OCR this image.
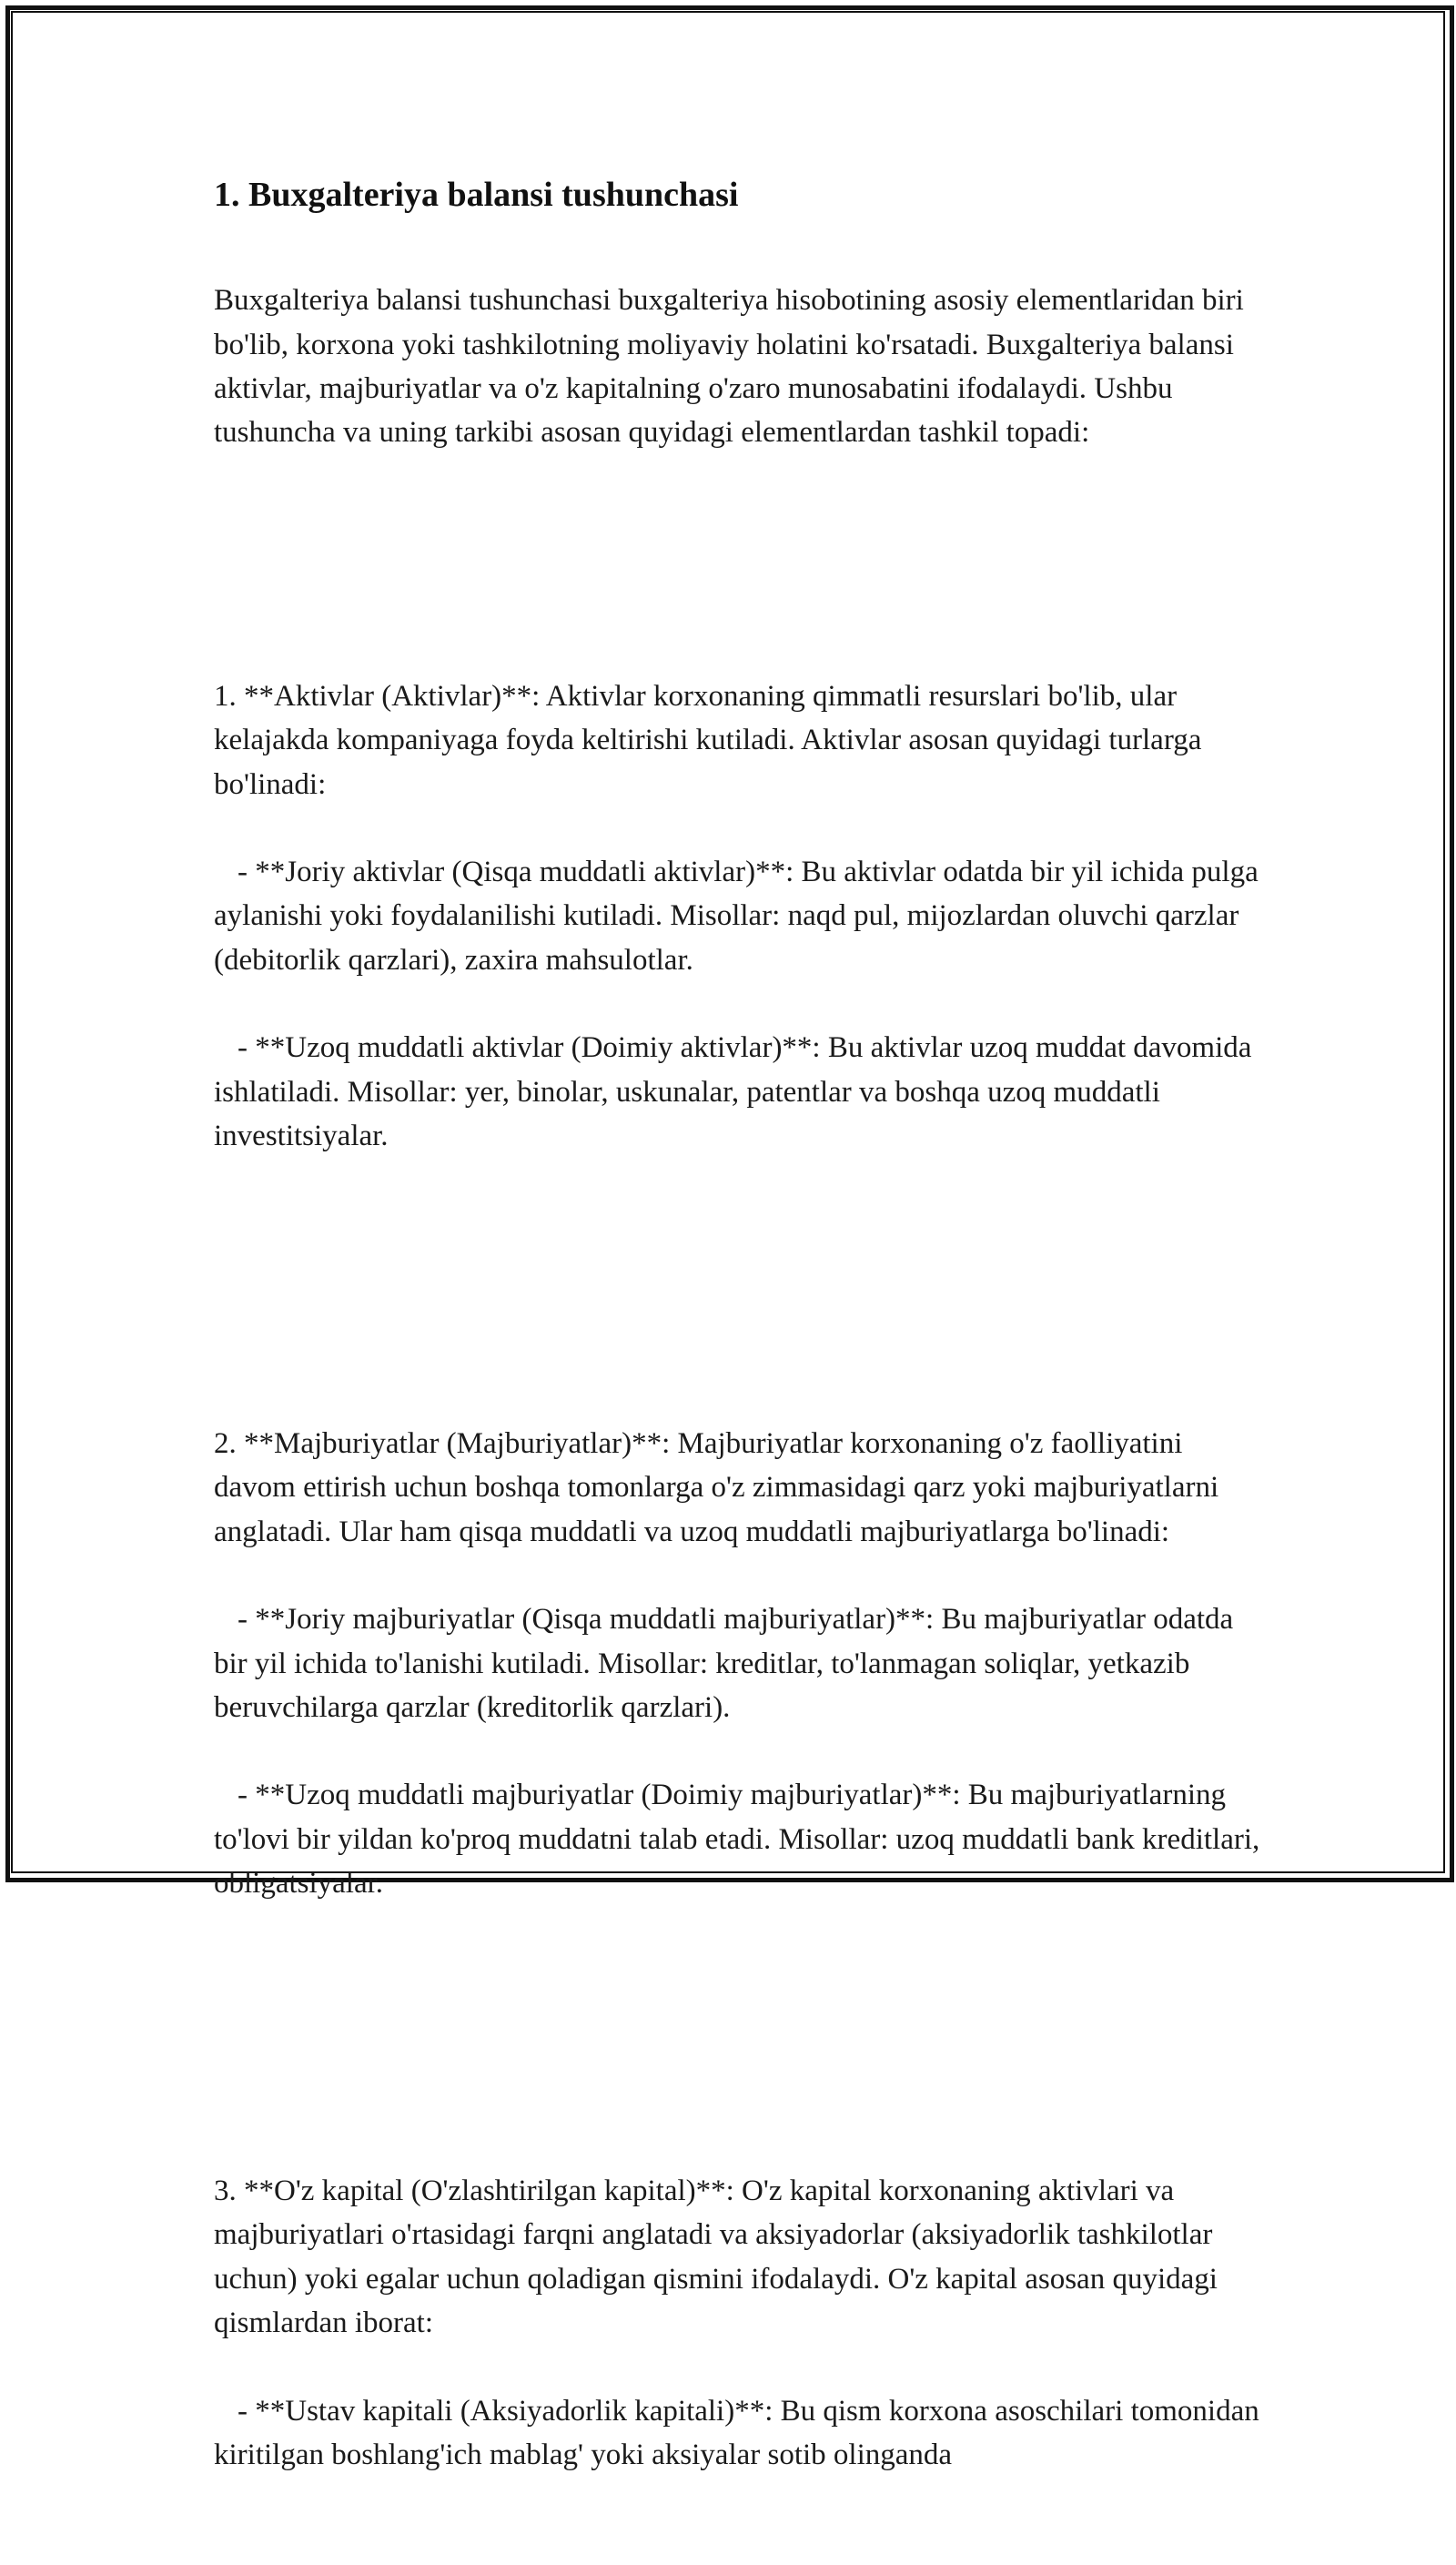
1. Buxgalteriya balansi tushunchasi

Buxgalteriya balansi tushunchasi buxgalteriya hisobotining asosiy elementlaridan biri bo'lib, korxona yoki tashkilotning moliyaviy holatini ko'rsatadi. Buxgalteriya balansi aktivlar, majburiyatlar va o'z kapitalning o'zaro munosabatini ifodalaydi. Ushbu tushuncha va uning tarkibi asosan quyidagi elementlardan tashkil topadi:

1. **Aktivlar (Aktivlar)**: Aktivlar korxonaning qimmatli resurslari bo'lib, ular kelajakda kompaniyaga foyda keltirishi kutiladi. Aktivlar asosan quyidagi turlarga bo'linadi:

- **Joriy aktivlar (Qisqa muddatli aktivlar)**: Bu aktivlar odatda bir yil ichida pulga aylanishi yoki foydalanilishi kutiladi. Misollar: naqd pul, mijozlardan oluvchi qarzlar (debitorlik qarzlari), zaxira mahsulotlar.

- **Uzoq muddatli aktivlar (Doimiy aktivlar)**: Bu aktivlar uzoq muddat davomida ishlatiladi. Misollar: yer, binolar, uskunalar, patentlar va boshqa uzoq muddatli investitsiyalar.

2. **Majburiyatlar (Majburiyatlar)**: Majburiyatlar korxonaning o'z faolliyatini davom ettirish uchun boshqa tomonlarga o'z zimmasidagi qarz yoki majburiyatlarni anglatadi. Ular ham qisqa muddatli va uzoq muddatli majburiyatlarga bo'linadi:

- **Joriy majburiyatlar (Qisqa muddatli majburiyatlar)**: Bu majburiyatlar odatda bir yil ichida to'lanishi kutiladi. Misollar: kreditlar, to'lanmagan soliqlar, yetkazib beruvchilarga qarzlar (kreditorlik qarzlari).

- **Uzoq muddatli majburiyatlar (Doimiy majburiyatlar)**: Bu majburiyatlarning to'lovi bir yildan ko'proq muddatni talab etadi. Misollar: uzoq muddatli bank kreditlari, obligatsiyalar.

3. **O'z kapital (O'zlashtirilgan kapital)**: O'z kapital korxonaning aktivlari va majburiyatlari o'rtasidagi farqni anglatadi va aksiyadorlar (aksiyadorlik tashkilotlar uchun) yoki egalar uchun qoladigan qismini ifodalaydi. O'z kapital asosan quyidagi qismlardan iborat:

- **Ustav kapitali (Aksiyadorlik kapitali)**: Bu qism korxona asoschilari tomonidan kiritilgan boshlang'ich mablag' yoki aksiyalar sotib olinganda
